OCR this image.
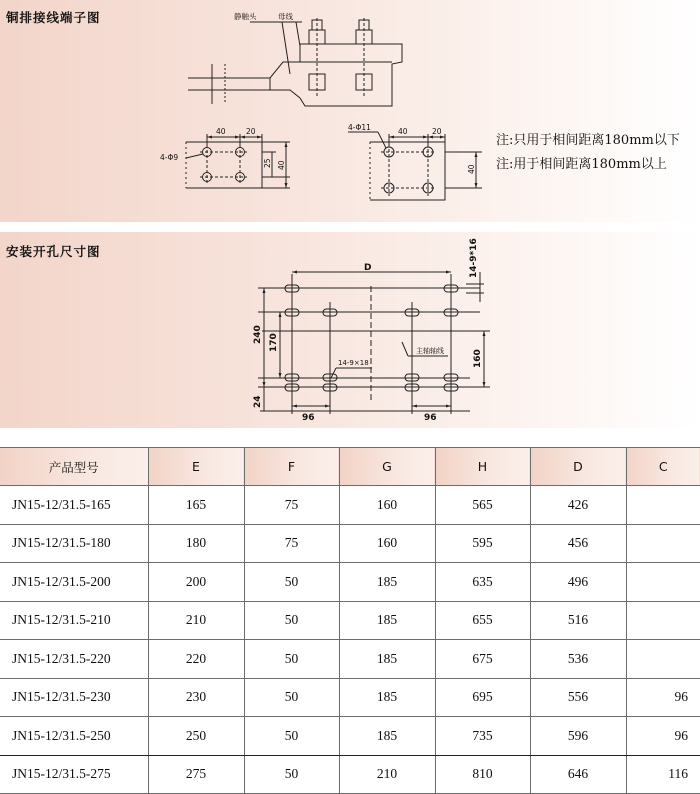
铜排接线端子图	静触头	母线
40	20
4-Φ9
40	20
4-Φ11
25 40	40
注:只用于相间距离180mm以下
注:用于相间距离180mm以上
安装开孔尺寸图
D
96	96
240 170
24
160
14-9*16
14-9×18
主轴轴线
产品型号	E	F	G	H	D	C
JN15-12/31.5-165	165	75	160	565	426	
JN15-12/31.5-180	180	75	160	595	456	
JN15-12/31.5-200	200	50	185	635	496	
JN15-12/31.5-210	210	50	185	655	516	
JN15-12/31.5-220	220	50	185	675	536	
JN15-12/31.5-230	230	50	185	695	556	96
JN15-12/31.5-250	250	50	185	735	596	96
JN15-12/31.5-275	275	50	210	810	646	116
